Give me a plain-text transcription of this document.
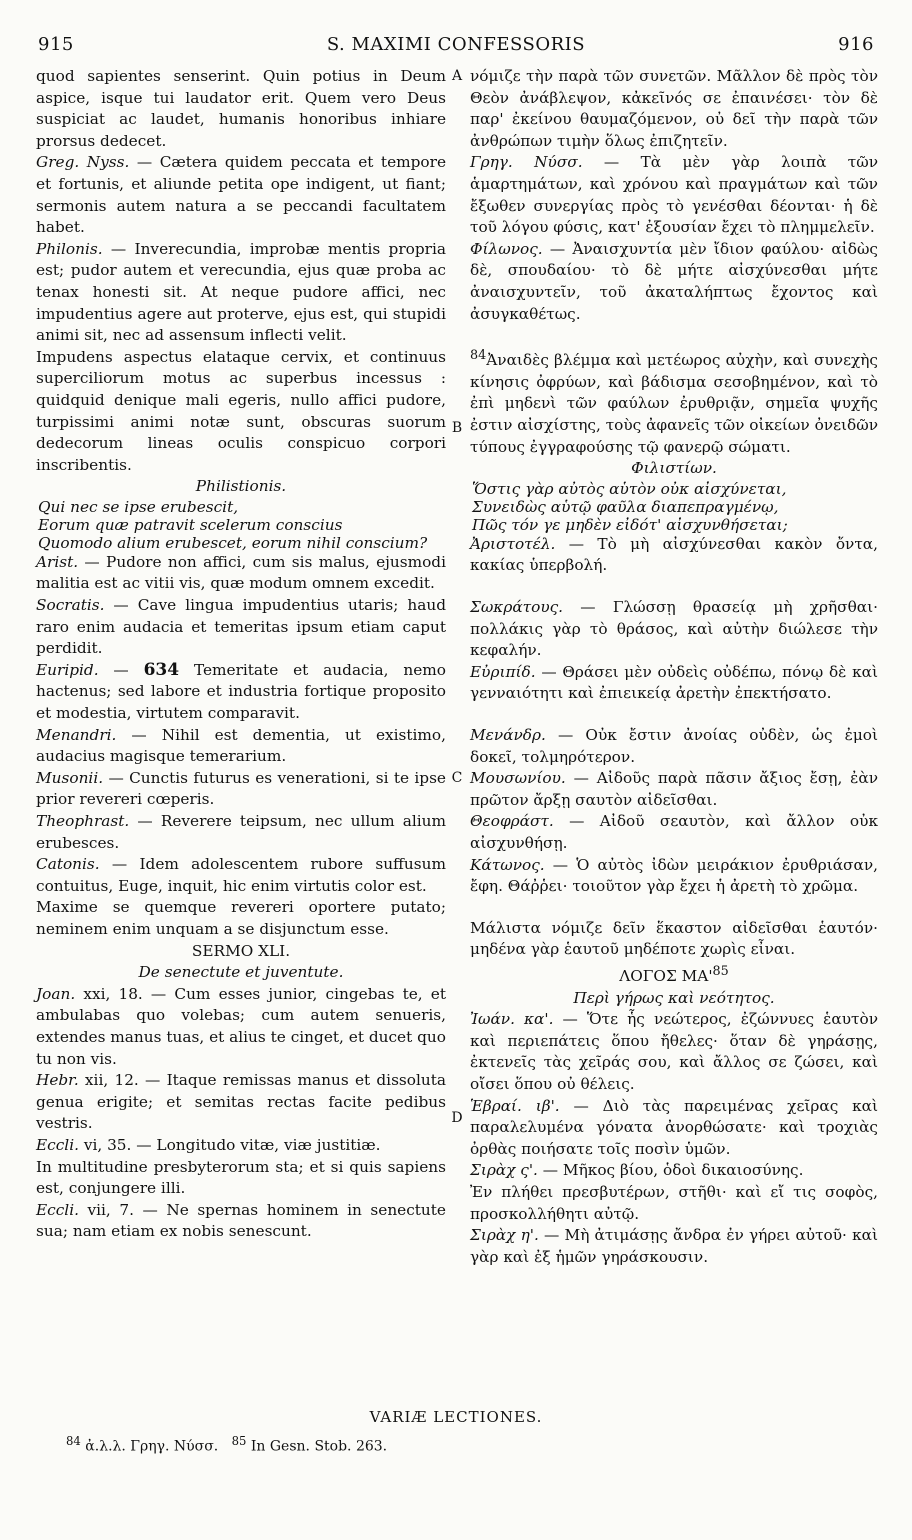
915	S. MAXIMI CONFESSORIS	916
A
B
C
D

quod sapientes senserint. Quin potius in Deum aspice, isque tui laudator erit. Quem vero Deus suspiciat ac laudet, humanis honoribus inhiare prorsus dedecet.

Greg. Nyss. — Cætera quidem peccata et tempore et fortunis, et aliunde petita ope indigent, ut fiant; sermonis autem natura a se peccandi facultatem habet.

Philonis. — Inverecundia, improbæ mentis propria est; pudor autem et verecundia, ejus quæ proba ac tenax honesti sit. At neque pudore affici, nec impudentius agere aut proterve, ejus est, qui stupidi animi sit, nec ad assensum inflecti velit.

Impudens aspectus elataque cervix, et continuus superciliorum motus ac superbus incessus : quidquid denique mali egeris, nullo affici pudore, turpissimi animi notæ sunt, obscuras suorum dedecorum lineas oculis conspicuo corpori inscribentis.

Philistionis.
Qui nec se ipse erubescit,
Eorum quæ patravit scelerum conscius
Quomodo alium erubescet, eorum nihil conscium?

Arist. — Pudore non affici, cum sis malus, ejusmodi malitia est ac vitii vis, quæ modum omnem excedit.

Socratis. — Cave lingua impudentius utaris; haud raro enim audacia et temeritas ipsum etiam caput perdidit.

Euripid. — 634 Temeritate et audacia, nemo hactenus; sed labore et industria fortique proposito et modestia, virtutem comparavit.

Menandri. — Nihil est dementia, ut existimo, audacius magisque temerarium.

Musonii. — Cunctis futurus es venerationi, si te ipse prior revereri cœperis.

Theophrast. — Reverere teipsum, nec ullum alium erubesces.

Catonis. — Idem adolescentem rubore suffusum contuitus, Euge, inquit, hic enim virtutis color est.

Maxime se quemque revereri oportere putato; neminem enim unquam a se disjunctum esse.

SERMO XLI.
De senectute et juventute.

Joan. xxi, 18. — Cum esses junior, cingebas te, et ambulabas quo volebas; cum autem senueris, extendes manus tuas, et alius te cinget, et ducet quo tu non vis.

Hebr. xii, 12. — Itaque remissas manus et dissoluta genua erigite; et semitas rectas facite pedibus vestris.

Eccli. vi, 35. — Longitudo vitæ, viæ justitiæ.

In multitudine presbyterorum sta; et si quis sapiens est, conjungere illi.

Eccli. vii, 7. — Ne spernas hominem in senectute sua; nam etiam ex nobis senescunt.

νόμιζε τὴν παρὰ τῶν συνετῶν. Μᾶλλον δὲ πρὸς τὸν Θεὸν ἀνάβλεψον, κἀκεῖνός σε ἐπαινέσει· τὸν δὲ παρ' ἐκείνου θαυμαζόμενον, οὐ δεῖ τὴν παρὰ τῶν ἀνθρώπων τιμὴν ὅλως ἐπιζητεῖν.

Γρηγ. Νύσσ. — Τὰ μὲν γὰρ λοιπὰ τῶν ἁμαρτημάτων, καὶ χρόνου καὶ πραγμάτων καὶ τῶν ἔξωθεν συνεργίας πρὸς τὸ γενέσθαι δέονται· ἡ δὲ τοῦ λόγου φύσις, κατ' ἐξουσίαν ἔχει τὸ πλημμελεῖν.

Φίλωνος. — Ἀναισχυντία μὲν ἴδιον φαύλου· αἰδὼς δὲ, σπουδαίου· τὸ δὲ μήτε αἰσχύνεσθαι μήτε ἀναισχυντεῖν, τοῦ ἀκαταλήπτως ἔχοντος καὶ ἀσυγκαθέτως.

$^{84}$Ἀναιδὲς βλέμμα καὶ μετέωρος αὐχὴν, καὶ συνεχὴς κίνησις ὀφρύων, καὶ βάδισμα σεσοβημένον, καὶ τὸ ἐπὶ μηδενὶ τῶν φαύλων ἐρυθριᾷν, σημεῖα ψυχῆς ἐστιν αἰσχίστης, τοὺς ἀφανεῖς τῶν οἰκείων ὀνειδῶν τύπους ἐγγραφούσης τῷ φανερῷ σώματι.

Φιλιστίων.
Ὅστις γὰρ αὐτὸς αὑτὸν οὐκ αἰσχύνεται,
Συνειδὼς αὑτῷ φαῦλα διαπεπραγμένῳ,
Πῶς τόν γε μηδὲν εἰδότ' αἰσχυνθήσεται;

Ἀριστοτέλ. — Τὸ μὴ αἰσχύνεσθαι κακὸν ὄντα, κακίας ὑπερβολή.

Σωκράτους. — Γλώσσῃ θρασείᾳ μὴ χρῆσθαι· πολλάκις γὰρ τὸ θράσος, καὶ αὐτὴν διώλεσε τὴν κεφαλήν.

Εὐριπίδ. — Θράσει μὲν οὐδεὶς οὐδέπω, πόνῳ δὲ καὶ γενναιότητι καὶ ἐπιεικείᾳ ἀρετὴν ἐπεκτήσατο.

Μενάνδρ. — Οὐκ ἔστιν ἀνοίας οὐδὲν, ὡς ἐμοὶ δοκεῖ, τολμηρότερον.

Μουσωνίου. — Αἰδοῦς παρὰ πᾶσιν ἄξιος ἔσῃ, ἐὰν πρῶτον ἄρξῃ σαυτὸν αἰδεῖσθαι.

Θεοφράστ. — Αἰδοῦ σεαυτὸν, καὶ ἄλλον οὐκ αἰσχυνθήσῃ.

Κάτωνος. — Ὁ αὐτὸς ἰδὼν μειράκιον ἐρυθριάσαν, ἔφη. Θάῤῥει· τοιοῦτον γὰρ ἔχει ἡ ἀρετὴ τὸ χρῶμα.

Μάλιστα νόμιζε δεῖν ἕκαστον αἰδεῖσθαι ἑαυτόν· μηδένα γὰρ ἑαυτοῦ μηδέποτε χωρὶς εἶναι.

ΛΟΓΟΣ $MA'^{85}$
Περὶ γήρως καὶ νεότητος.

Ἰωάν. κα'. — Ὅτε ἧς νεώτερος, ἐζώννυες ἑαυτὸν καὶ περιεπάτεις ὅπου ἤθελες· ὅταν δὲ γηράσῃς, ἐκτενεῖς τὰς χεῖράς σου, καὶ ἄλλος σε ζώσει, καὶ οἴσει ὅπου οὐ θέλεις.

Ἑβραί. ιβ'. — Διὸ τὰς παρειμένας χεῖρας καὶ παραλελυμένα γόνατα ἀνορθώσατε· καὶ τροχιὰς ὀρθὰς ποιήσατε τοῖς ποσὶν ὑμῶν.

Σιρὰχ ς'. — Μῆκος βίου, ὁδοὶ δικαιοσύνης.

Ἐν πλήθει πρεσβυτέρων, στῆθι· καὶ εἴ τις σοφὸς, προσκολλήθητι αὐτῷ.

Σιρὰχ η'. — Μὴ ἀτιμάσῃς ἄνδρα ἐν γήρει αὐτοῦ· καὶ γὰρ καὶ ἐξ ἡμῶν γηράσκουσιν.

VARIÆ LECTIONES.
$^{84}$ ἀ.λ.λ. Γρηγ. Νύσσ. $^{85}$ In Gesn. Stob. 263.
